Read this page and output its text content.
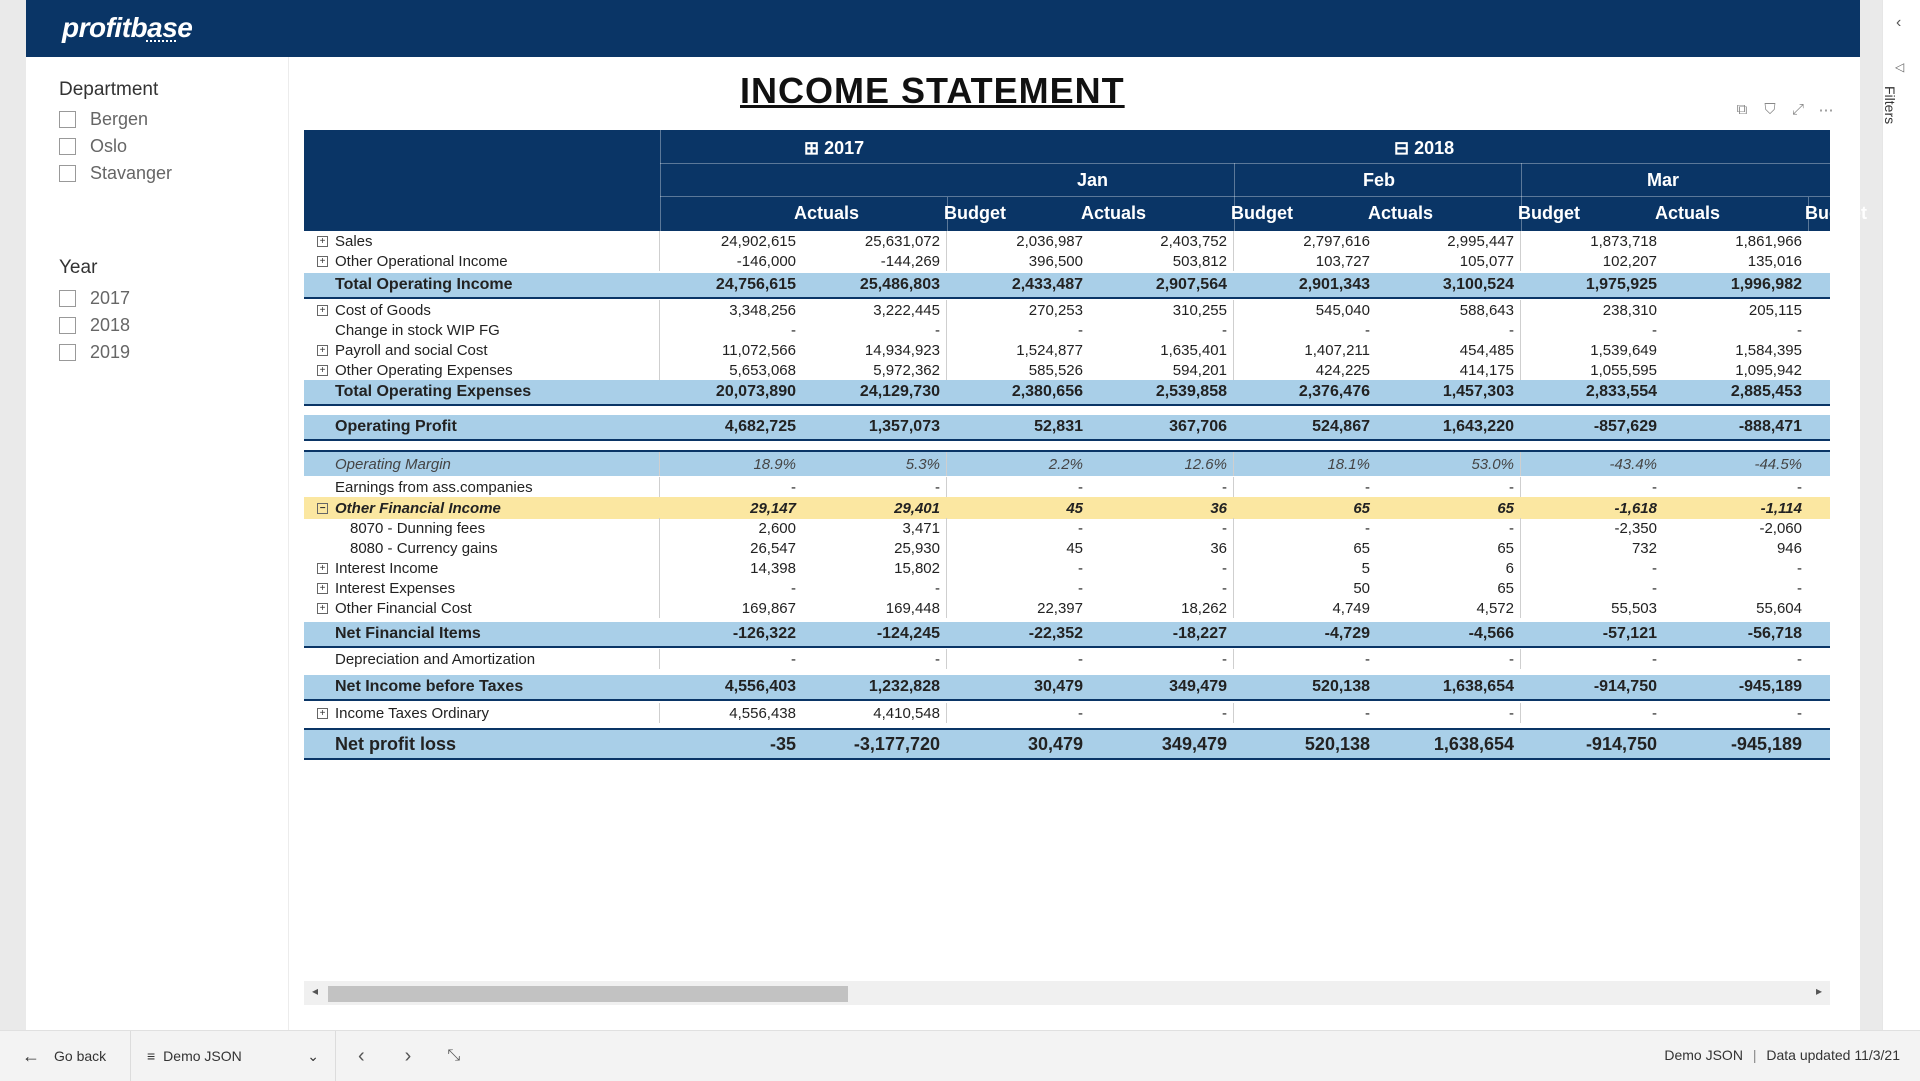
profitbase
Department
Bergen
Oslo
Stavanger
Year
2017
2018
2019
INCOME STATEMENT	⧉ ⛉ ⤢ ⋯
⊞ 2017	⊟ 2018
Jan	Feb	Mar
Actuals	Budget	Actuals	Budget	Actuals	Budget	Actuals	Budget
+ Sales	24,902,615	25,631,072	2,036,987	2,403,752	2,797,616	2,995,447	1,873,718	1,861,966
+ Other Operational Income	-146,000	-144,269	396,500	503,812	103,727	105,077	102,207	135,016
Total Operating Income	24,756,615	25,486,803	2,433,487	2,907,564	2,901,343	3,100,524	1,975,925	1,996,982
+ Cost of Goods	3,348,256	3,222,445	270,253	310,255	545,040	588,643	238,310	205,115
Change in stock WIP FG	-	-	-	-	-	-	-	-
+ Payroll and social Cost	11,072,566	14,934,923	1,524,877	1,635,401	1,407,211	454,485	1,539,649	1,584,395
+ Other Operating Expenses	5,653,068	5,972,362	585,526	594,201	424,225	414,175	1,055,595	1,095,942
Total Operating Expenses	20,073,890	24,129,730	2,380,656	2,539,858	2,376,476	1,457,303	2,833,554	2,885,453
Operating Profit	4,682,725	1,357,073	52,831	367,706	524,867	1,643,220	-857,629	-888,471
Operating Margin	18.9%	5.3%	2.2%	12.6%	18.1%	53.0%	-43.4%	-44.5%
Earnings from ass.companies	-	-	-	-	-	-	-	-
− Other Financial Income	29,147	29,401	45	36	65	65	-1,618	-1,114
8070 - Dunning fees	2,600	3,471	-	-	-	-	-2,350	-2,060
8080 - Currency gains	26,547	25,930	45	36	65	65	732	946
+ Interest Income	14,398	15,802	-	-	5	6	-	-
+ Interest Expenses	-	-	-	-	50	65	-	-
+ Other Financial Cost	169,867	169,448	22,397	18,262	4,749	4,572	55,503	55,604
Net Financial Items	-126,322	-124,245	-22,352	-18,227	-4,729	-4,566	-57,121	-56,718
Depreciation and Amortization	-	-	-	-	-	-	-	-
Net Income before Taxes	4,556,403	1,232,828	30,479	349,479	520,138	1,638,654	-914,750	-945,189
+ Income Taxes Ordinary	4,556,438	4,410,548	-	-	-	-	-	-
Net profit loss	-35	-3,177,720	30,479	349,479	520,138	1,638,654	-914,750	-945,189
◂	▸
‹
◁
Filters
← Go back	≡ Demo JSON	⌄ ‹ › ⤡	Demo JSON | Data updated 11/3/21
